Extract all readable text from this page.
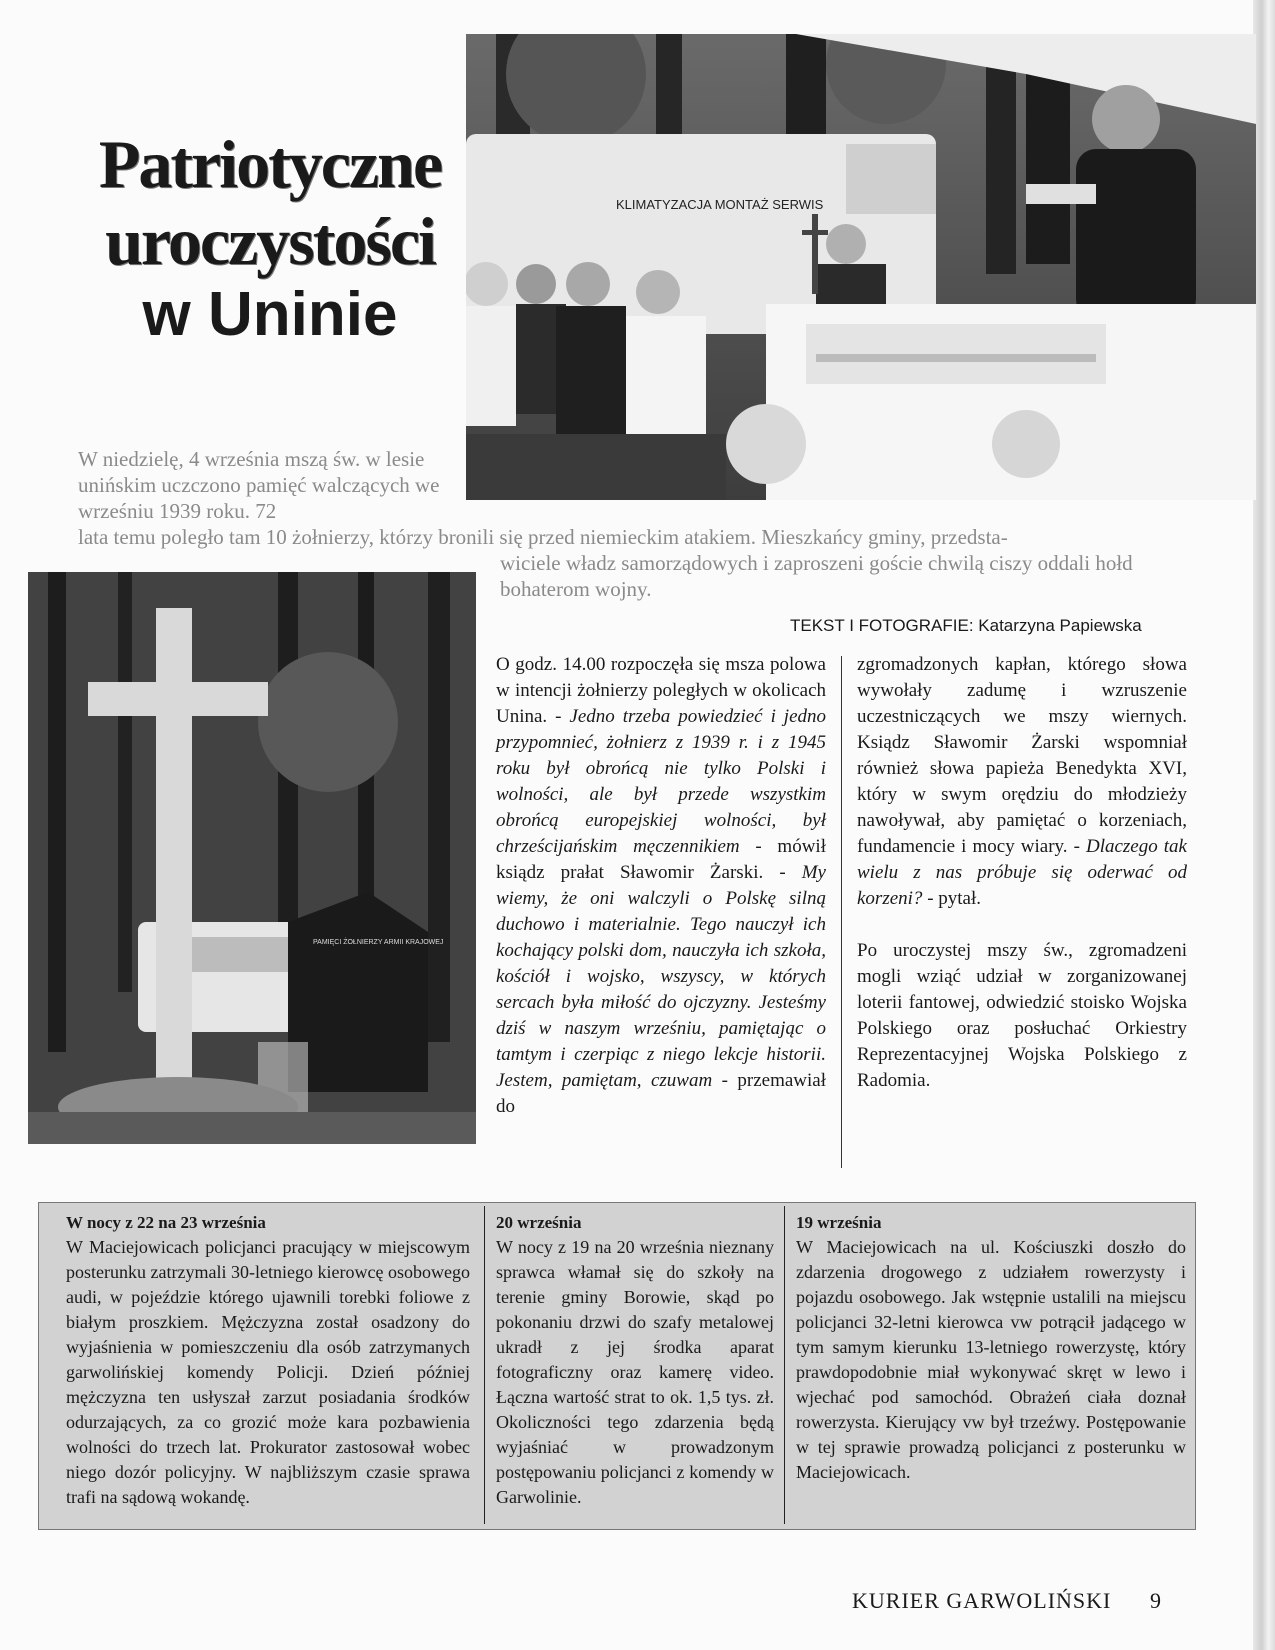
Patriotyczne
uroczystości
w Uninie
KLIMATYZACJA MONTAŻ SERWIS
PAMIĘCI ŻOŁNIERZY ARMII KRAJOWEJ
W niedzielę, 4 września mszą św. w lesie unińskim uczczono pamięć walczących we wrześniu 1939 roku. 72
lata temu poległo tam 10 żołnierzy, którzy bronili się przed niemieckim atakiem. Mieszkańcy gminy, przedsta-
wiciele władz samorządowych i zaproszeni goście chwilą ciszy oddali hołd bohaterom wojny.
TEKST I FOTOGRAFIE: Katarzyna Papiewska

O godz. 14.00 rozpoczęła się msza polowa w intencji żołnierzy poległych w okolicach Unina. - Jedno trzeba powiedzieć i jedno przypomnieć, żołnierz z 1939 r. i z 1945 roku był obrońcą nie tylko Polski i wolności, ale był przede wszystkim obrońcą europejskiej wolności, był chrześcijańskim męczennikiem - mówił ksiądz prałat Sławomir Żarski. - My wiemy, że oni walczyli o Polskę silną duchowo i materialnie. Tego nauczył ich kochający polski dom, nauczyła ich szkoła, kościół i wojsko, wszyscy, w których sercach była miłość do ojczyzny. Jesteśmy dziś w naszym wrześniu, pamiętając o tamtym i czerpiąc z niego lekcje historii. Jestem, pamiętam, czuwam - przemawiał do

zgromadzonych kapłan, którego słowa wywołały zadumę i wzruszenie uczestniczących we mszy wiernych. Ksiądz Sławomir Żarski wspomniał również słowa papieża Benedykta XVI, który w swym orędziu do młodzieży nawoływał, aby pamiętać o korzeniach, fundamencie i mocy wiary. - Dlaczego tak wielu z nas próbuje się oderwać od korzeni? - pytał.

Po uroczystej mszy św., zgromadzeni mogli wziąć udział w zorganizowanej loterii fantowej, odwiedzić stoisko Wojska Polskiego oraz posłuchać Orkiestry Reprezentacyjnej Wojska Polskiego z Radomia.

W nocy z 22 na 23 września

W Maciejowicach policjanci pracujący w miejscowym posterunku zatrzymali 30-letniego kierowcę osobowego audi, w pojeździe którego ujawnili torebki foliowe z białym proszkiem. Mężczyzna został osadzony do wyjaśnienia w pomieszczeniu dla osób zatrzymanych garwolińskiej komendy Policji. Dzień później mężczyzna ten usłyszał zarzut posiadania środków odurzających, za co grozić może kara pozbawienia wolności do trzech lat. Prokurator zastosował wobec niego dozór policyjny. W najbliższym czasie sprawa trafi na sądową wokandę.

20 września

W nocy z 19 na 20 września nieznany sprawca włamał się do szkoły na terenie gminy Borowie, skąd po pokonaniu drzwi do szafy metalowej ukradł z jej środka aparat fotograficzny oraz kamerę video. Łączna wartość strat to ok. 1,5 tys. zł. Okoliczności tego zdarzenia będą wyjaśniać w prowadzonym postępowaniu policjanci z komendy w Garwolinie.

19 września

W Maciejowicach na ul. Kościuszki doszło do zdarzenia drogowego z udziałem rowerzysty i pojazdu osobowego. Jak wstępnie ustalili na miejscu policjanci 32-letni kierowca vw potrącił jadącego w tym samym kierunku 13-letniego rowerzystę, który prawdopodobnie miał wykonywać skręt w lewo i wjechać pod samochód. Obrażeń ciała doznał rowerzysta. Kierujący vw był trzeźwy. Postępowanie w tej sprawie prowadzą policjanci z posterunku w Maciejowicach.

KURIER GARWOLIŃSKI 9
